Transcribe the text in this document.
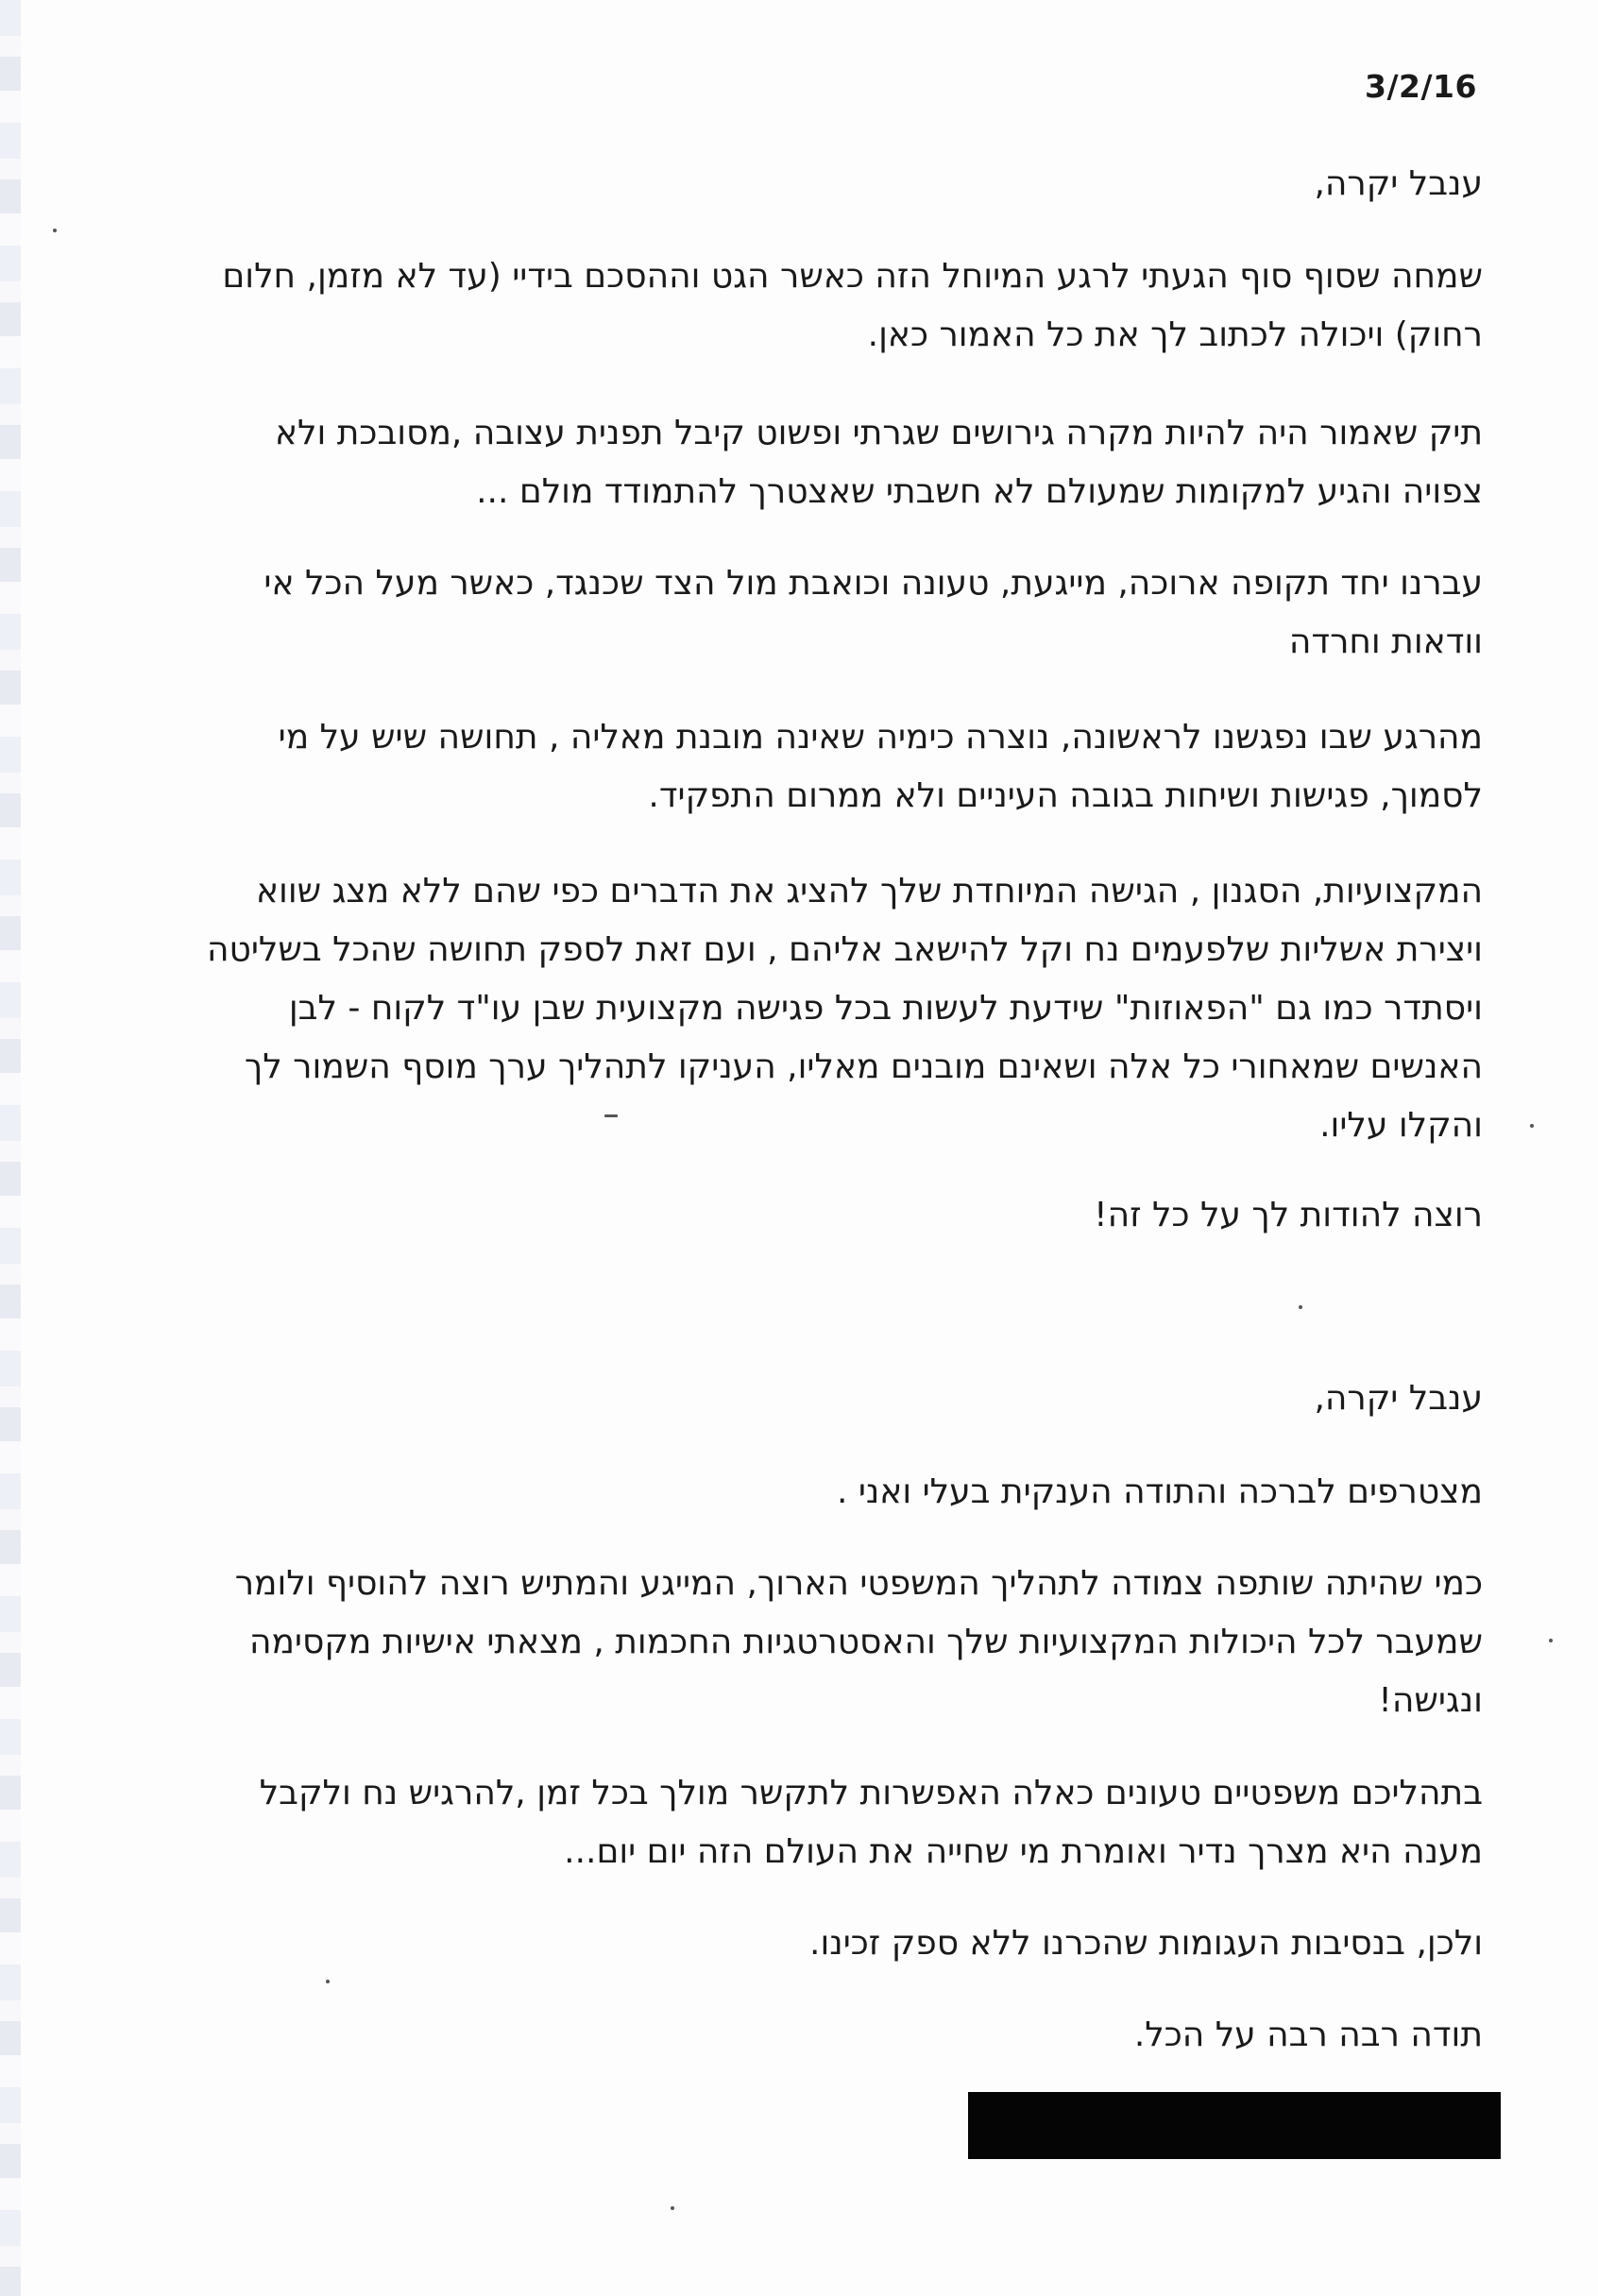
3/2/16
ענבל יקרה,
שמחה שסוף סוף הגעתי לרגע המיוחל הזה כאשר הגט וההסכם בידיי (עד לא מזמן, חלום
רחוק) ויכולה לכתוב לך את כל האמור כאן.
תיק שאמור היה להיות מקרה גירושים שגרתי ופשוט קיבל תפנית עצובה ,מסובכת ולא
צפויה והגיע למקומות שמעולם לא חשבתי שאצטרך להתמודד מולם ...
עברנו יחד תקופה ארוכה, מייגעת, טעונה וכואבת מול הצד שכנגד, כאשר מעל הכל אי
וודאות וחרדה
מהרגע שבו נפגשנו לראשונה, נוצרה כימיה שאינה מובנת מאליה , תחושה שיש על מי
לסמוך, פגישות ושיחות בגובה העיניים ולא ממרום התפקיד.
המקצועיות, הסגנון , הגישה המיוחדת שלך להציג את הדברים כפי שהם ללא מצג שווא
ויצירת אשליות שלפעמים נח וקל להישאב אליהם , ועם זאת לספק תחושה שהכל בשליטה
ויסתדר כמו גם "הפאוזות" שידעת לעשות בכל פגישה מקצועית שבן עו"ד לקוח - לבן
האנשים שמאחורי כל אלה ושאינם מובנים מאליו, העניקו לתהליך ערך מוסף השמור לך
והקלו עליו.
רוצה להודות לך על כל זה!
ענבל יקרה,
מצטרפים לברכה והתודה הענקית בעלי ואני .
כמי שהיתה שותפה צמודה לתהליך המשפטי הארוך, המייגע והמתיש רוצה להוסיף ולומר
שמעבר לכל היכולות המקצועיות שלך והאסטרטגיות החכמות , מצאתי אישיות מקסימה
ונגישה!
בתהליכם משפטיים טעונים כאלה האפשרות לתקשר מולך בכל זמן ,להרגיש נח ולקבל
מענה היא מצרך נדיר ואומרת מי שחייה את העולם הזה יום יום...
ולכן, בנסיבות העגומות שהכרנו ללא ספק זכינו.
תודה רבה רבה על הכל.
